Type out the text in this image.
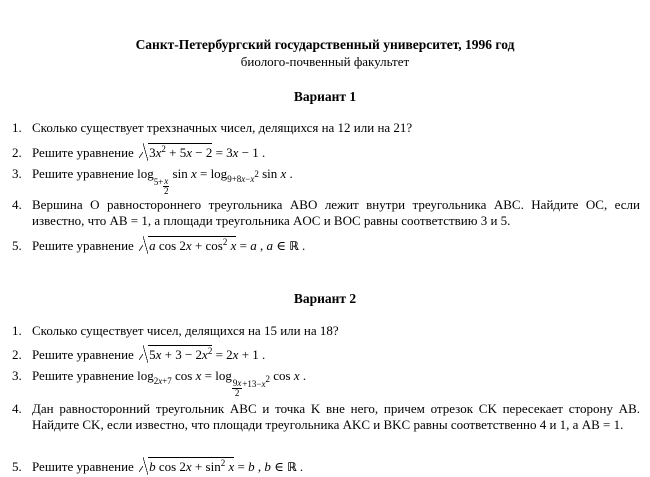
Санкт-Петербургский государственный университет, 1996 год
биолого-почвенный факультет
Вариант 1
1. Сколько существует трехзначных чисел, делящихся на 12 или на 21?
2. Решите уравнение $3x^2 + 5x - 2 = 3x - 1$ .
3. Решите уравнение $\log 5+ \frac{x}{2}$
$\sin x = \log_{9+8x-x^2} \sin x$ .
4. Вершина O равностороннего треугольника ABO лежит внутри треугольника ABC. Найдите OC, если известно, что AB = 1, а площади треугольника AOC и BOC равны соответствию 3 и 5.
5. Решите уравнение a $\cos 2x + \cos^2 x = a$ , a ∈ ℝ .
Вариант 2
1. Сколько существует чисел, делящихся на 15 или на 18?
2. Решите уравнение $5x + 3 - 2x^2 = 2x + 1$ .
3. Решите уравнение $\log_{2x+7} \cos x = \log$
$\frac{9x}{2} +13-x^2$ cos x .
4. Дан равносторонний треугольник ABC и точка K вне него, причем отрезок CK пересекает сторону AB. Найдите CK, если известно, что площади треугольника AKC и BKC равны соответственно 4 и 1, а AB = 1.
5. Решите уравнение b $\cos 2x + \sin^2 x = b$ , b ∈ ℝ .
